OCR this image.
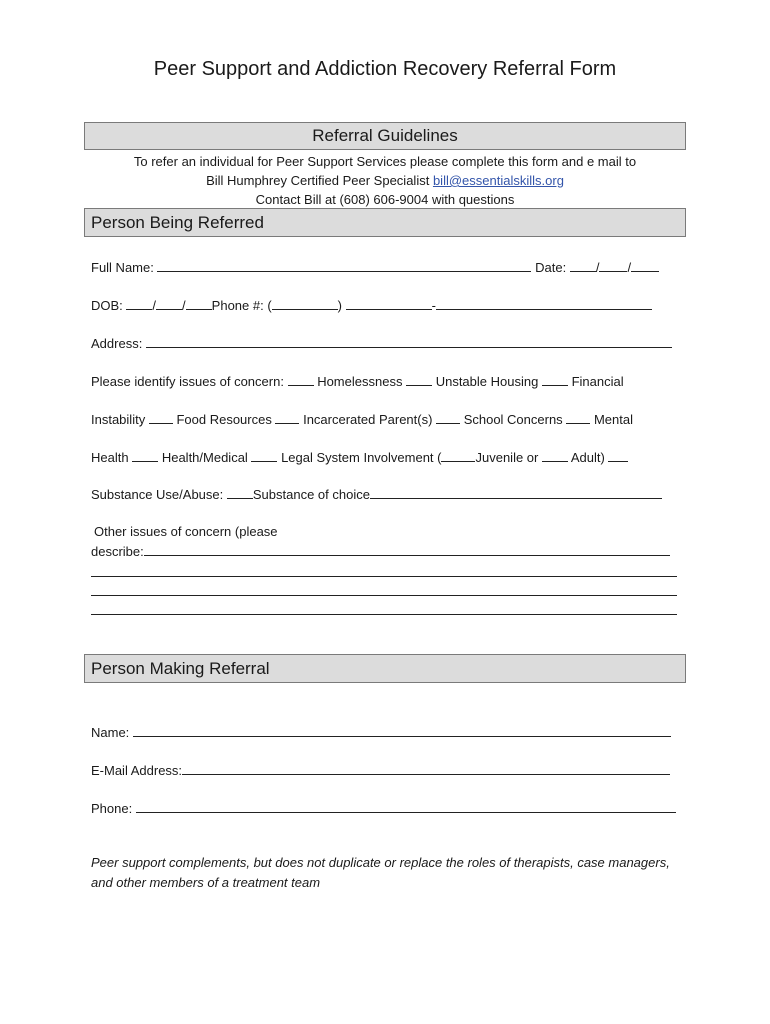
Peer Support and Addiction Recovery Referral Form
Referral Guidelines
To refer an individual for Peer Support Services please complete this form and e mail to
Bill Humphrey Certified Peer Specialist bill@essentialskills.org
Contact Bill at (608) 606-9004 with questions
Person Being Referred
Full Name:	Date: / /
DOB: / / Phone #: (	)	-
Address:
Please identify issues of concern:	Homelessness	Unstable Housing	Financial
Instability Food Resources Incarcerated Parent(s) School Concerns Mental
Health	Health/Medical	Legal System Involvement (	Juvenile or	Adult)
Substance Use/Abuse: Substance of choice
Other issues of concern (please
describe:
Person Making Referral
Name:
E-Mail Address:
Phone:
Peer support complements, but does not duplicate or replace the roles of therapists, case managers, and other members of a treatment team
